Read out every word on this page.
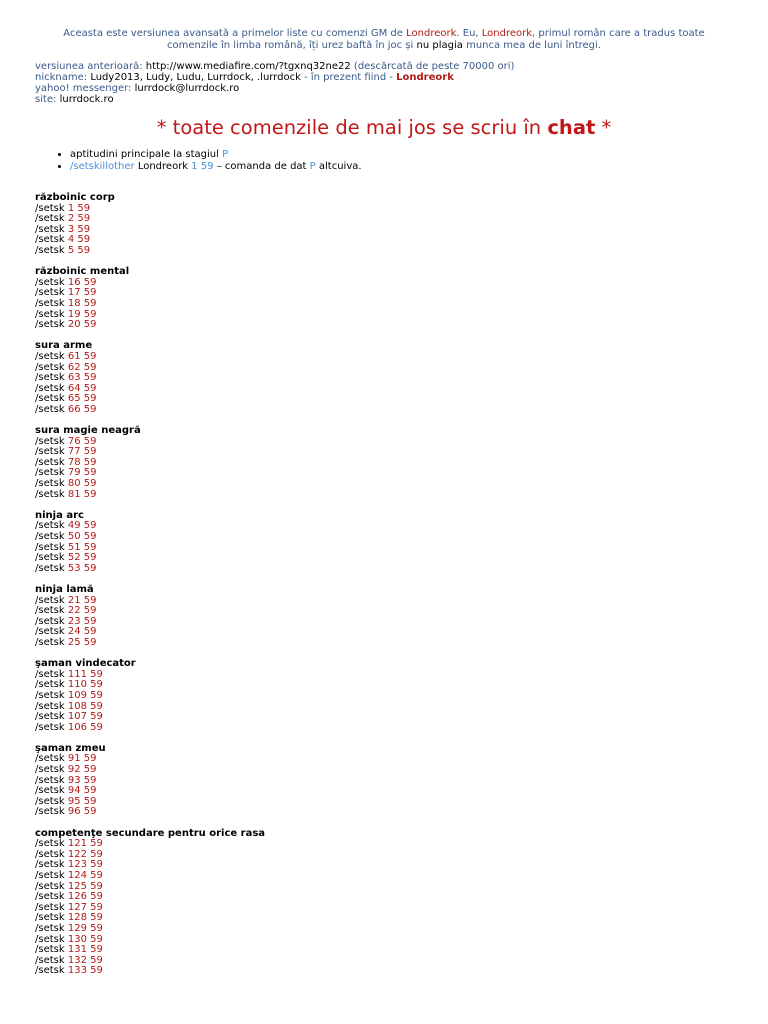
Aceasta este versiunea avansată a primelor liste cu comenzi GM de Londreork. Eu, Londreork, primul român care a tradus toate comenzile în limba română, îți urez baftă în joc și nu plagia munca mea de luni întregi.
versiunea anterioară: http://www.mediafire.com/?tgxnq32ne22 (descărcată de peste 70000 ori)
nickname: Ludy2013, Ludy, Ludu, Lurrdock, .lurrdock - în prezent fiind - Londreork
yahoo! messenger: lurrdock@lurrdock.ro
site: lurrdock.ro
* toate comenzile de mai jos se scriu în chat *
• aptitudini principale la stagiul P
• /setskillother Londreork 1 59 – comanda de dat P altcuiva.
războinic corp
/setsk 1 59
/setsk 2 59
/setsk 3 59
/setsk 4 59
/setsk 5 59
războinic mental
/setsk 16 59
/setsk 17 59
/setsk 18 59
/setsk 19 59
/setsk 20 59
sura arme
/setsk 61 59
/setsk 62 59
/setsk 63 59
/setsk 64 59
/setsk 65 59
/setsk 66 59
sura magie neagră
/setsk 76 59
/setsk 77 59
/setsk 78 59
/setsk 79 59
/setsk 80 59
/setsk 81 59
ninja arc
/setsk 49 59
/setsk 50 59
/setsk 51 59
/setsk 52 59
/setsk 53 59
ninja lamă
/setsk 21 59
/setsk 22 59
/setsk 23 59
/setsk 24 59
/setsk 25 59
şaman vindecator
/setsk 111 59
/setsk 110 59
/setsk 109 59
/setsk 108 59
/setsk 107 59
/setsk 106 59
şaman zmeu
/setsk 91 59
/setsk 92 59
/setsk 93 59
/setsk 94 59
/setsk 95 59
/setsk 96 59
competenţe secundare pentru orice rasa
/setsk 121 59
/setsk 122 59
/setsk 123 59
/setsk 124 59
/setsk 125 59
/setsk 126 59
/setsk 127 59
/setsk 128 59
/setsk 129 59
/setsk 130 59
/setsk 131 59
/setsk 132 59
/setsk 133 59
